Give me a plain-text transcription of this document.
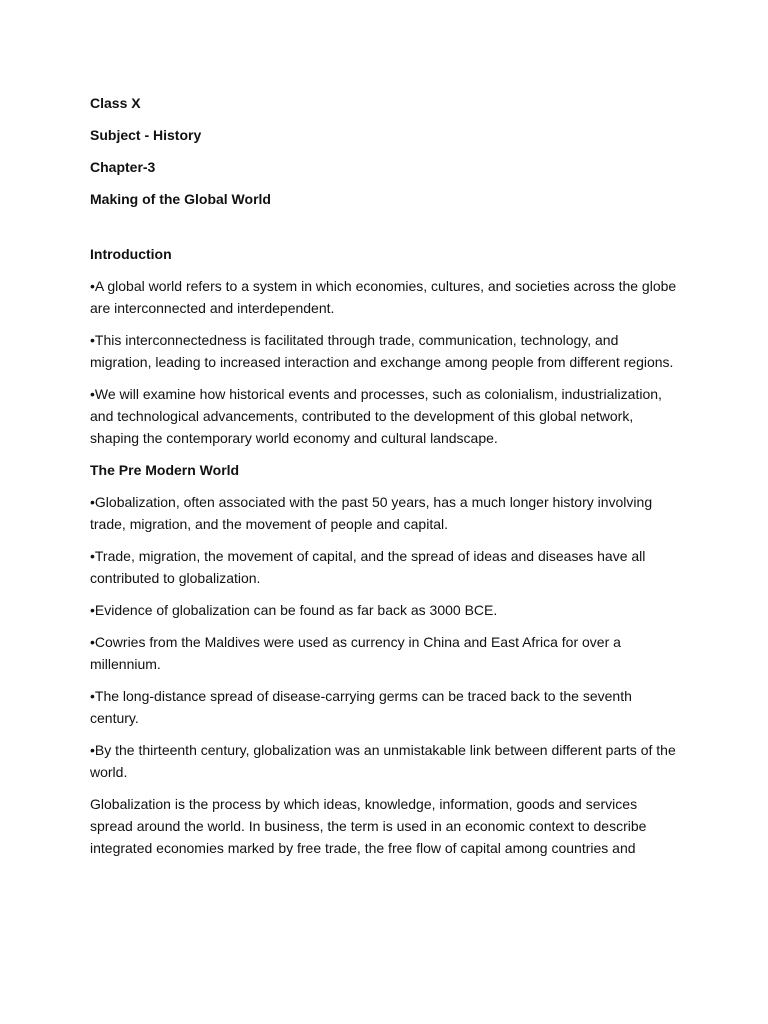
Class X

Subject - History

Chapter-3

Making of the Global World

Introduction

•A global world refers to a system in which economies, cultures, and societies across the globe are interconnected and interdependent.

•This interconnectedness is facilitated through trade, communication, technology, and migration, leading to increased interaction and exchange among people from different regions.

•We will examine how historical events and processes, such as colonialism, industrialization, and technological advancements, contributed to the development of this global network, shaping the contemporary world economy and cultural landscape.

The Pre Modern World

•Globalization, often associated with the past 50 years, has a much longer history involving trade, migration, and the movement of people and capital.

•Trade, migration, the movement of capital, and the spread of ideas and diseases have all contributed to globalization.

•Evidence of globalization can be found as far back as 3000 BCE.

•Cowries from the Maldives were used as currency in China and East Africa for over a millennium.

•The long-distance spread of disease-carrying germs can be traced back to the seventh century.

•By the thirteenth century, globalization was an unmistakable link between different parts of the world.

Globalization is the process by which ideas, knowledge, information, goods and services spread around the world. In business, the term is used in an economic context to describe integrated economies marked by free trade, the free flow of capital among countries and
